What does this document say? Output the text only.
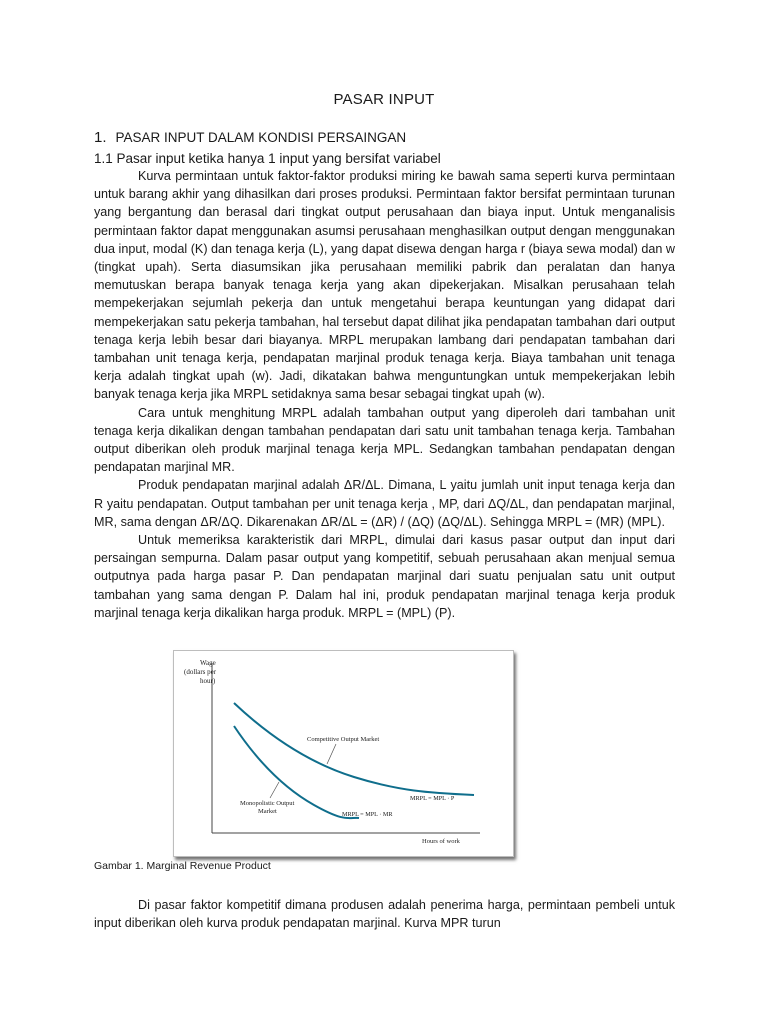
PASAR INPUT
1. PASAR INPUT DALAM KONDISI PERSAINGAN
1.1 Pasar input ketika hanya 1 input yang bersifat variabel

Kurva permintaan untuk faktor-faktor produksi miring ke bawah sama seperti kurva permintaan untuk barang akhir yang dihasilkan dari proses produksi. Permintaan faktor bersifat permintaan turunan yang bergantung dan berasal dari tingkat output perusahaan dan biaya input. Untuk menganalisis permintaan faktor dapat menggunakan asumsi perusahaan menghasilkan output dengan menggunakan dua input, modal (K) dan tenaga kerja (L), yang dapat disewa dengan harga r (biaya sewa modal) dan w (tingkat upah). Serta diasumsikan jika perusahaan memiliki pabrik dan peralatan dan hanya memutuskan berapa banyak tenaga kerja yang akan dipekerjakan. Misalkan perusahaan telah mempekerjakan sejumlah pekerja dan untuk mengetahui berapa keuntungan yang didapat dari mempekerjakan satu pekerja tambahan, hal tersebut dapat dilihat jika pendapatan tambahan dari output tenaga kerja lebih besar dari biayanya. MRPL merupakan lambang dari pendapatan tambahan dari tambahan unit tenaga kerja, pendapatan marjinal produk tenaga kerja. Biaya tambahan unit tenaga kerja adalah tingkat upah (w). Jadi, dikatakan bahwa menguntungkan untuk mempekerjakan lebih banyak tenaga kerja jika MRPL setidaknya sama besar sebagai tingkat upah (w).

Cara untuk menghitung MRPL adalah tambahan output yang diperoleh dari tambahan unit tenaga kerja dikalikan dengan tambahan pendapatan dari satu unit tambahan tenaga kerja. Tambahan output diberikan oleh produk marjinal tenaga kerja MPL. Sedangkan tambahan pendapatan dengan pendapatan marjinal MR.

Produk pendapatan marjinal adalah ΔR/ΔL. Dimana, L yaitu jumlah unit input tenaga kerja dan R yaitu pendapatan. Output tambahan per unit tenaga kerja , MP, dari ΔQ/ΔL, dan pendapatan marjinal, MR, sama dengan ΔR/ΔQ. Dikarenakan ΔR/ΔL = (ΔR) / (ΔQ) (ΔQ/ΔL). Sehingga MRPL = (MR) (MPL).

Untuk memeriksa karakteristik dari MRPL, dimulai dari kasus pasar output dan input dari persaingan sempurna. Dalam pasar output yang kompetitif, sebuah perusahaan akan menjual semua outputnya pada harga pasar P. Dan pendapatan marjinal dari suatu penjualan satu unit output tambahan yang sama dengan P. Dalam hal ini, produk pendapatan marjinal tenaga kerja produk marjinal tenaga kerja dikalikan harga produk. MRPL = (MPL) (P).

Wage (dollars per hour)
Competitive Output Market
Monopolistic Output Market
MRPL = MPL · P
MRPL = MPL · MR
Hours of work
Gambar 1. Marginal Revenue Product

Di pasar faktor kompetitif dimana produsen adalah penerima harga, permintaan pembeli untuk input diberikan oleh kurva produk pendapatan marjinal. Kurva MPR turun
